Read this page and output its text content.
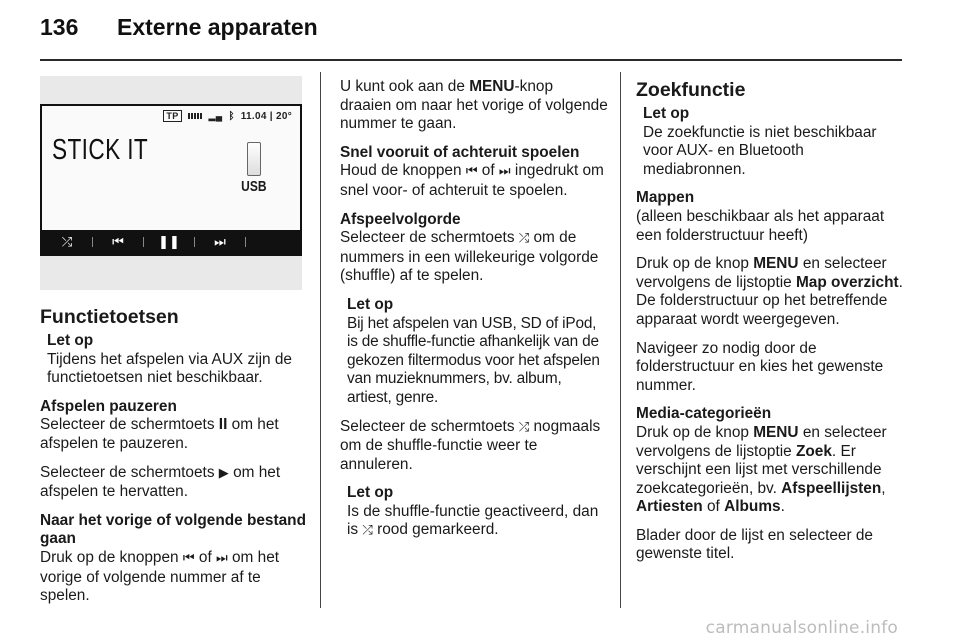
136 Externe apparaten
TP	▂▄ ᛒ 11.04 | 20°
STICK IT
USB
⤮	⏮	❚❚	⏭

Functietoetsen

Let op

Tijdens het afspelen via AUX zijn de functietoetsen niet beschikbaar.

Afspelen pauzeren

Selecteer de schermtoets II om het afspelen te pauzeren.

Selecteer de schermtoets ▶ om het afspelen te hervatten.

Naar het vorige of volgende bestand gaan

Druk op de knoppen ⏮ of ⏭ om het vorige of volgende nummer af te spelen.

U kunt ook aan de MENU-knop draaien om naar het vorige of volgende nummer te gaan.

Snel vooruit of achteruit spoelen

Houd de knoppen ⏮ of ⏭ ingedrukt om snel voor- of achteruit te spoelen.

Afspeelvolgorde

Selecteer de schermtoets ⤮ om de nummers in een willekeurige volgorde (shuffle) af te spelen.

Let op

Bij het afspelen van USB, SD of iPod, is de shuffle-functie afhankelijk van de gekozen filtermodus voor het afspelen van muzieknummers, bv. album, artiest, genre.

Selecteer de schermtoets ⤮ nogmaals om de shuffle-functie weer te annuleren.

Let op

Is de shuffle-functie geactiveerd, dan is ⤮ rood gemarkeerd.

Zoekfunctie

Let op

De zoekfunctie is niet beschikbaar voor AUX- en Bluetooth mediabronnen.

Mappen

(alleen beschikbaar als het apparaat een folderstructuur heeft)

Druk op de knop MENU en selecteer vervolgens de lijstoptie Map overzicht. De folderstructuur op het betreffende apparaat wordt weergegeven.

Navigeer zo nodig door de folderstructuur en kies het gewenste nummer.

Media-categorieën

Druk op de knop MENU en selecteer vervolgens de lijstoptie Zoek. Er verschijnt een lijst met verschillende zoekcategorieën, bv. Afspeellijsten, Artiesten of Albums.

Blader door de lijst en selecteer de gewenste titel.

carmanualsonline.info
